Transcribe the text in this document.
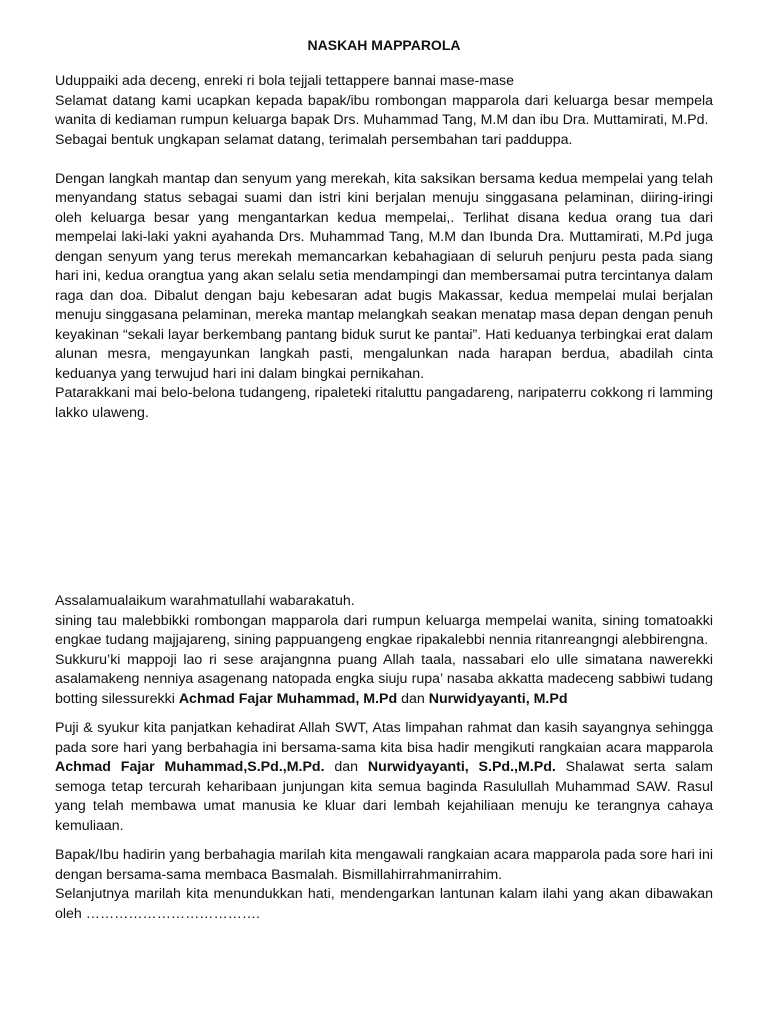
NASKAH MAPPAROLA

Uduppaiki ada deceng, enreki ri bola tejjali tettappere bannai mase-mase

Selamat datang kami ucapkan kepada bapak/ibu rombongan mapparola dari keluarga besar mempela wanita di kediaman rumpun keluarga bapak Drs. Muhammad Tang, M.M dan ibu Dra. Muttamirati, M.Pd.

Sebagai bentuk ungkapan selamat datang, terimalah persembahan tari padduppa.

Dengan langkah mantap dan senyum yang merekah, kita saksikan bersama kedua mempelai yang telah menyandang status sebagai suami dan istri kini berjalan menuju singgasana pelaminan, diiring-iringi oleh keluarga besar yang mengantarkan kedua mempelai,. Terlihat disana kedua orang tua dari mempelai laki-laki yakni ayahanda Drs. Muhammad Tang, M.M dan Ibunda Dra. Muttamirati, M.Pd juga dengan senyum yang terus merekah memancarkan kebahagiaan di seluruh penjuru pesta pada siang hari ini, kedua orangtua yang akan selalu setia mendampingi dan membersamai putra tercintanya dalam raga dan doa. Dibalut dengan baju kebesaran adat bugis Makassar, kedua mempelai mulai berjalan menuju singgasana pelaminan, mereka mantap melangkah seakan menatap masa depan dengan penuh keyakinan “sekali layar berkembang pantang biduk surut ke pantai”. Hati keduanya terbingkai erat dalam alunan mesra, mengayunkan langkah pasti, mengalunkan nada harapan berdua, abadilah cinta keduanya yang terwujud hari ini dalam bingkai pernikahan.

Patarakkani mai belo-belona tudangeng, ripaleteki ritaluttu pangadareng, naripaterru cokkong ri lamming lakko ulaweng.

Assalamualaikum warahmatullahi wabarakatuh.

sining tau malebbikki rombongan mapparola dari rumpun keluarga mempelai wanita, sining tomatoakki engkae tudang majjajareng, sining pappuangeng engkae ripakalebbi nennia ritanreangngi alebbirengna.

Sukkuru’ki mappoji lao ri sese arajangnna puang Allah taala, nassabari elo ulle simatana nawerekki asalamakeng nenniya asagenang natopada engka siuju rupa’ nasaba akkatta madeceng sabbiwi tudang botting silessurekki Achmad Fajar Muhammad, M.Pd dan Nurwidyayanti, M.Pd

Puji & syukur kita panjatkan kehadirat Allah SWT, Atas limpahan rahmat dan kasih sayangnya sehingga pada sore hari yang berbahagia ini bersama-sama kita bisa hadir mengikuti rangkaian acara mapparola Achmad Fajar Muhammad,S.Pd.,M.Pd. dan Nurwidyayanti, S.Pd.,M.Pd. Shalawat serta salam semoga tetap tercurah keharibaan junjungan kita semua baginda Rasulullah Muhammad SAW. Rasul yang telah membawa umat manusia ke kluar dari lembah kejahiliaan menuju ke terangnya cahaya kemuliaan.

Bapak/Ibu hadirin yang berbahagia marilah kita mengawali rangkaian acara mapparola pada sore hari ini dengan bersama-sama membaca Basmalah. Bismillahirrahmanirrahim.

Selanjutnya marilah kita menundukkan hati, mendengarkan lantunan kalam ilahi yang akan dibawakan oleh ……………………………….
